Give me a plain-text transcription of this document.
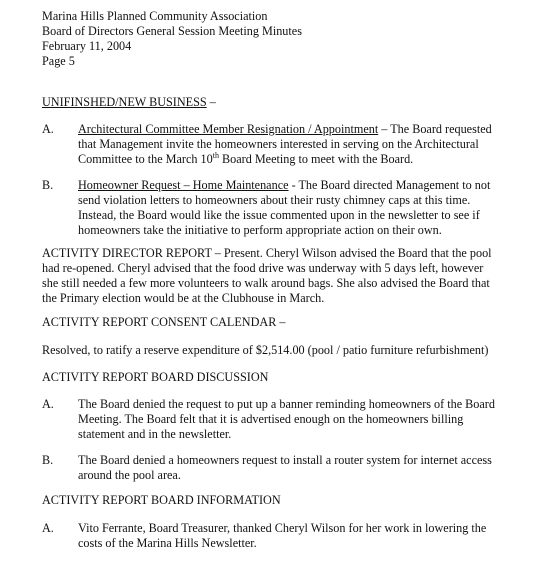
Marina Hills Planned Community Association
Board of Directors General Session Meeting Minutes
February 11, 2004
Page 5
UNIFINSHED/NEW BUSINESS –
A.	Architectural Committee Member Resignation / Appointment – The Board requested
that Management invite the homeowners interested in serving on the Architectural
Committee to the March 10th Board Meeting to meet with the Board.
B.	Homeowner Request – Home Maintenance - The Board directed Management to not
send violation letters to homeowners about their rusty chimney caps at this time.
Instead, the Board would like the issue commented upon in the newsletter to see if
homeowners take the initiative to perform appropriate action on their own.
ACTIVITY DIRECTOR REPORT – Present. Cheryl Wilson advised the Board that the pool
had re-opened. Cheryl advised that the food drive was underway with 5 days left, however
she still needed a few more volunteers to walk around bags. She also advised the Board that
the Primary election would be at the Clubhouse in March.
ACTIVITY REPORT CONSENT CALENDAR –
Resolved, to ratify a reserve expenditure of $2,514.00 (pool / patio furniture refurbishment)
ACTIVITY REPORT BOARD DISCUSSION
A.	The Board denied the request to put up a banner reminding homeowners of the Board
Meeting. The Board felt that it is advertised enough on the homeowners billing
statement and in the newsletter.
B.	The Board denied a homeowners request to install a router system for internet access
around the pool area.
ACTIVITY REPORT BOARD INFORMATION
A.	Vito Ferrante, Board Treasurer, thanked Cheryl Wilson for her work in lowering the
costs of the Marina Hills Newsletter.
